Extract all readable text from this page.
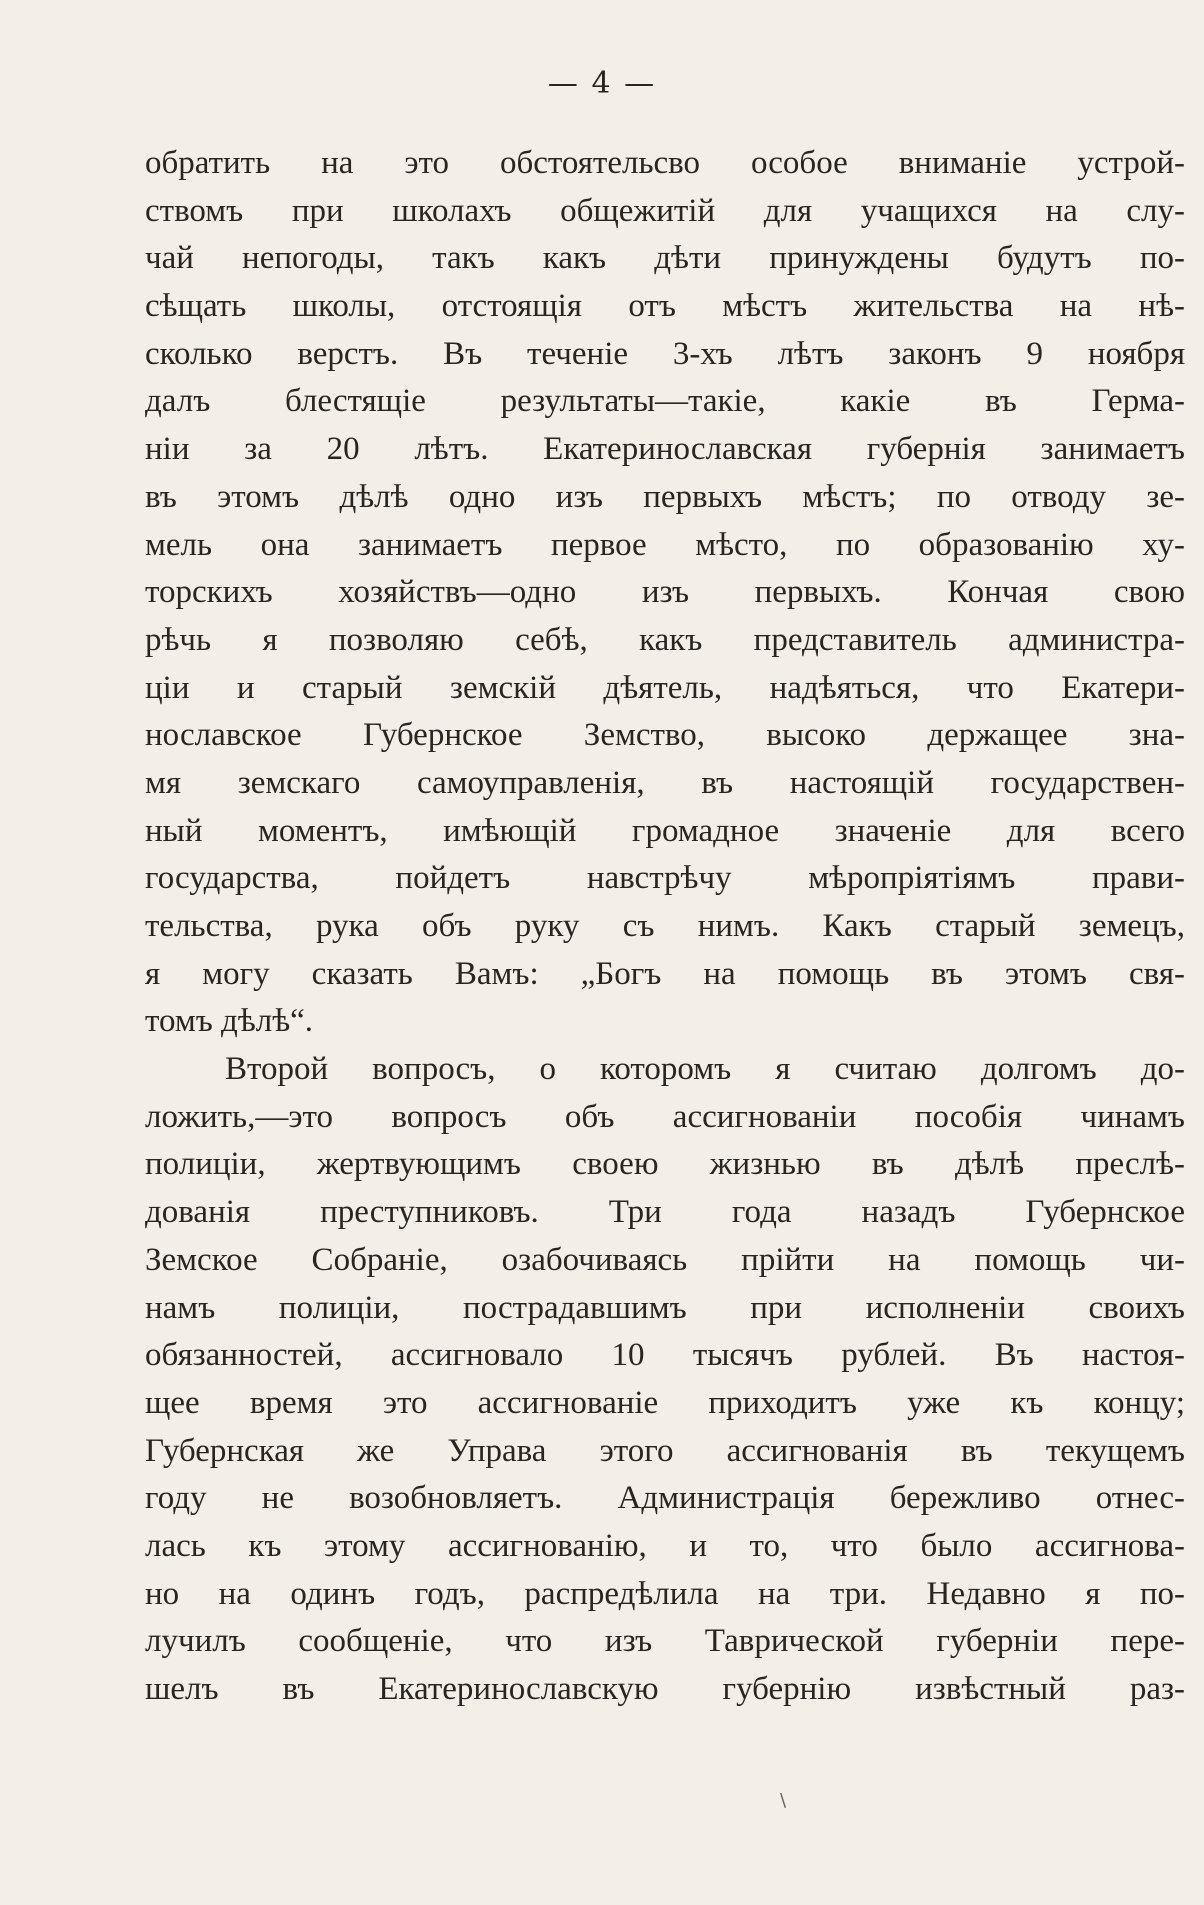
— 4 —
обратить на это обстоятельсво особое вниманіе устрой-
ствомъ при школахъ общежитій для учащихся на слу-
чай непогоды, такъ какъ дѣти принуждены будутъ по-
сѣщать школы, отстоящія отъ мѣстъ жительства на нѣ-
сколько верстъ. Въ теченіе 3-хъ лѣтъ законъ 9 ноября
далъ блестящіе результаты—такіе, какіе въ Герма-
ніи за 20 лѣтъ. Екатеринославская губернія занимаетъ
въ этомъ дѣлѣ одно изъ первыхъ мѣстъ; по отводу зе-
мель она занимаетъ первое мѣсто, по образованію ху-
торскихъ хозяйствъ—одно изъ первыхъ. Кончая свою
рѣчь я позволяю себѣ, какъ представитель администра-
ціи и старый земскій дѣятель, надѣяться, что Екатери-
нославское Губернское Земство, высоко держащее зна-
мя земскаго самоуправленія, въ настоящій государствен-
ный моментъ, имѣющій громадное значеніе для всего
государства, пойдетъ навстрѣчу мѣропріятіямъ прави-
тельства, рука объ руку съ нимъ. Какъ старый земецъ,
я могу сказать Вамъ: „Богъ на помощь въ этомъ свя-
томъ дѣлѣ“.
Второй вопросъ, о которомъ я считаю долгомъ до-
ложить,—это вопросъ объ ассигнованіи пособія чинамъ
полиціи, жертвующимъ своею жизнью въ дѣлѣ преслѣ-
дованія преступниковъ. Три года назадъ Губернское
Земское Собраніе, озабочиваясь прійти на помощь чи-
намъ полиціи, пострадавшимъ при исполненіи своихъ
обязанностей, ассигновало 10 тысячъ рублей. Въ настоя-
щее время это ассигнованіе приходитъ уже къ концу;
Губернская же Управа этого ассигнованія въ текущемъ
году не возобновляетъ. Администрація бережливо отнес-
лась къ этому ассигнованію, и то, что было ассигнова-
но на одинъ годъ, распредѣлила на три. Недавно я по-
лучилъ сообщеніе, что изъ Таврической губерніи пере-
шелъ въ Екатеринославскую губернію извѣстный раз-
\
